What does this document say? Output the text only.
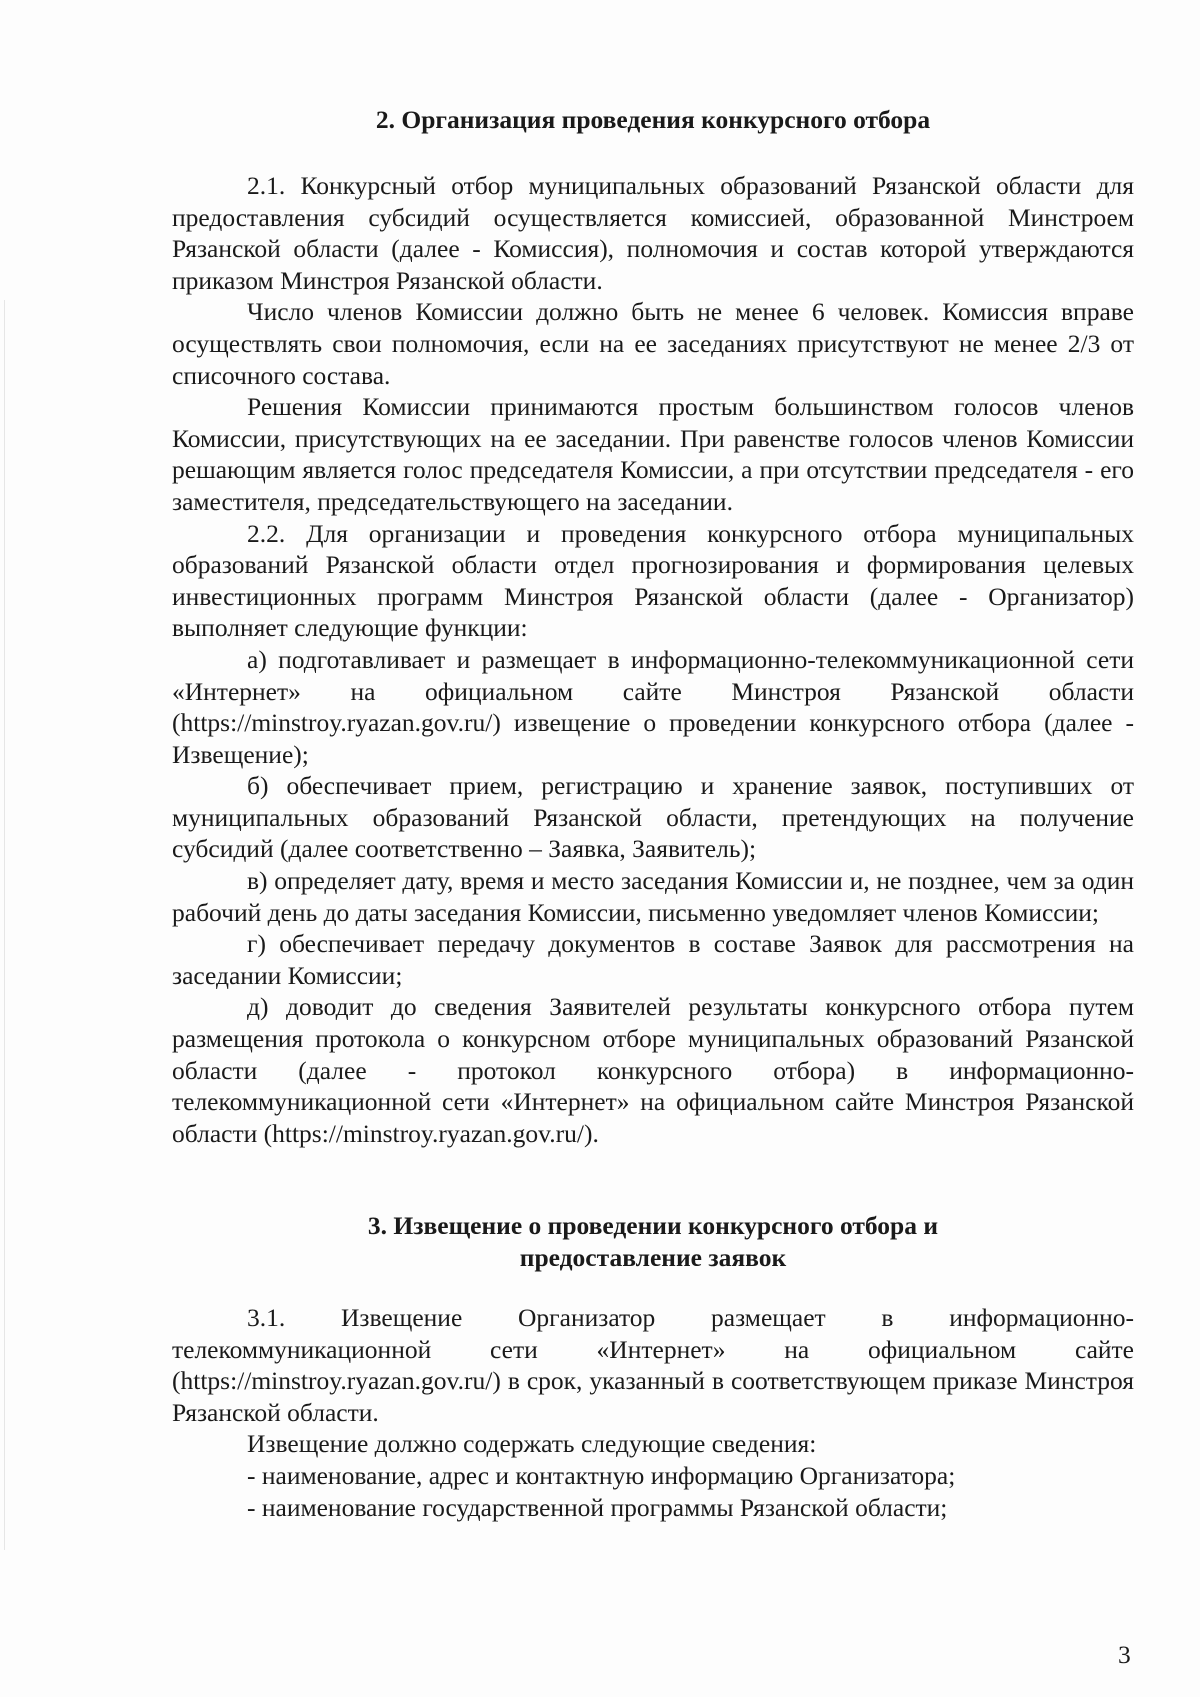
2. Организация проведения конкурсного отбора

2.1. Конкурсный отбор муниципальных образований Рязанской области для предоставления субсидий осуществляется комиссией, образованной Минстроем Рязанской области (далее - Комиссия), полномочия и состав которой утверждаются приказом Минстроя Рязанской области.

Число членов Комиссии должно быть не менее 6 человек. Комиссия вправе осуществлять свои полномочия, если на ее заседаниях присутствуют не менее 2/3 от списочного состава.

Решения Комиссии принимаются простым большинством голосов членов Комиссии, присутствующих на ее заседании. При равенстве голосов членов Комиссии решающим является голос председателя Комиссии, а при отсутствии председателя - его заместителя, председательствующего на заседании.

2.2. Для организации и проведения конкурсного отбора муниципальных образований Рязанской области отдел прогнозирования и формирования целевых инвестиционных программ Минстроя Рязанской области (далее - Организатор) выполняет следующие функции:

а) подготавливает и размещает в информационно-телекоммуникационной сети «Интернет» на официальном сайте Минстроя Рязанской области (https://minstroy.ryazan.gov.ru/) извещение о проведении конкурсного отбора (далее - Извещение);

б) обеспечивает прием, регистрацию и хранение заявок, поступивших от муниципальных образований Рязанской области, претендующих на получение субсидий (далее соответственно – Заявка, Заявитель);

в) определяет дату, время и место заседания Комиссии и, не позднее, чем за один рабочий день до даты заседания Комиссии, письменно уведомляет членов Комиссии;

г) обеспечивает передачу документов в составе Заявок для рассмотрения на заседании Комиссии;

д) доводит до сведения Заявителей результаты конкурсного отбора путем размещения протокола о конкурсном отборе муниципальных образований Рязанской области (далее - протокол конкурсного отбора) в информационно-телекоммуникационной сети «Интернет» на официальном сайте Минстроя Рязанской области (https://minstroy.ryazan.gov.ru/).

3. Извещение о проведении конкурсного отбора и

предоставление заявок

3.1. Извещение Организатор размещает в информационно-телекоммуникационной сети «Интернет» на официальном сайте (https://minstroy.ryazan.gov.ru/) в срок, указанный в соответствующем приказе Минстроя Рязанской области.

Извещение должно содержать следующие сведения:

- наименование, адрес и контактную информацию Организатора;

- наименование государственной программы Рязанской области;

3
